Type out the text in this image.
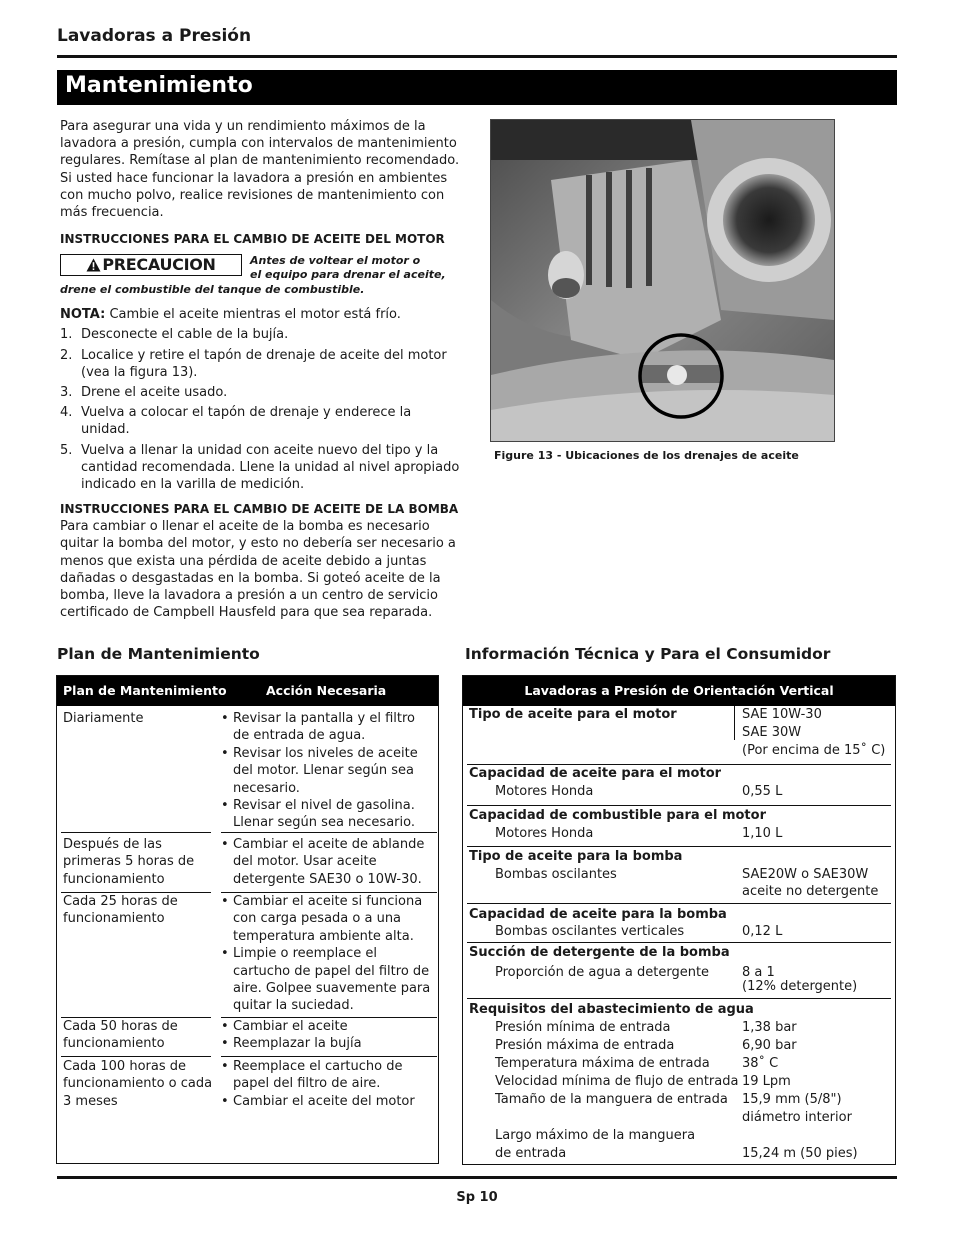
Lavadoras a Presión
Mantenimiento

Para asegurar una vida y un rendimiento máximos de la lavadora a presión, cumpla con intervalos de mantenimiento regulares. Remítase al plan de mantenimiento recomendado. Si usted hace funcionar la lavadora a presión en ambientes con mucho polvo, realice revisiones de mantenimiento con más frecuencia.

INSTRUCCIONES PARA EL CAMBIO DE ACEITE DEL MOTOR

PRECAUCION	Antes de voltear el motor o
el equipo para drenar el aceite,
drene el combustible del tanque de combustible.

NOTA: Cambie el aceite mientras el motor está frío.

1. Desconecte el cable de la bujía.
2. Localice y retire el tapón de drenaje de aceite del motor (vea la figura 13).
3. Drene el aceite usado.
4. Vuelva a colocar el tapón de drenaje y enderece la unidad.
5. Vuelva a llenar la unidad con aceite nuevo del tipo y la cantidad recomendada. Llene la unidad al nivel apropiado indicado en la varilla de medición.

INSTRUCCIONES PARA EL CAMBIO DE ACEITE DE LA BOMBA

Para cambiar o llenar el aceite de la bomba es necesario quitar la bomba del motor, y esto no debería ser necesario a menos que exista una pérdida de aceite debido a juntas dañadas o desgastadas en la bomba. Si goteó aceite de la bomba, lleve la lavadora a presión a un centro de servicio certificado de Campbell Hausfeld para que sea reparada.

Figure 13 - Ubicaciones de los drenajes de aceite
Plan de Mantenimiento	Información Técnica y Para el Consumidor
Plan de Mantenimiento	Acción Necesaria
Diariamente
•	Revisar la pantalla y el filtro de entrada de agua.
• Revisar los niveles de aceite del motor. Llenar según sea necesario.
• Revisar el nivel de gasolina. Llenar según sea necesario.
Después de las primeras 5 horas de funcionamiento
• Cambiar el aceite de ablande del motor. Usar aceite detergente SAE30 o 10W-30.
Cada 25 horas de funcionamiento
• Cambiar el aceite si funciona con carga pesada o a una temperatura ambiente alta.
• Limpie o reemplace el cartucho de papel del filtro de aire. Golpee suavemente para quitar la suciedad.
Cada 50 horas de funcionamiento
• Cambiar el aceite
• Reemplazar la bujía
Cada 100 horas de funcionamiento o cada 3 meses
• Reemplace el cartucho de papel del filtro de aire.
• Cambiar el aceite del motor
Lavadoras a Presión de Orientación Vertical
Tipo de aceite para el motor	SAE 10W-30
SAE 30W
(Por encima de 15˚ C)
Capacidad de aceite para el motor
Motores Honda	0,55 L
Capacidad de combustible para el motor
Motores Honda	1,10 L
Tipo de aceite para la bomba
Bombas oscilantes	SAE20W o SAE30W
aceite no detergente
Capacidad de aceite para la bomba
Bombas oscilantes verticales	0,12 L
Succión de detergente de la bomba
Proporción de agua a detergente	8 a 1
(12% detergente)
Requisitos del abastecimiento de agua
Presión mínima de entrada	1,38 bar
Presión máxima de entrada	6,90 bar
Temperatura máxima de entrada 38˚ C
Velocidad mínima de flujo de entrada 19 Lpm
Tamaño de la manguera de entrada 15,9 mm (5/8")
diámetro interior
Largo máximo de la manguera
de entrada	15,24 m (50 pies)
Sp 10
